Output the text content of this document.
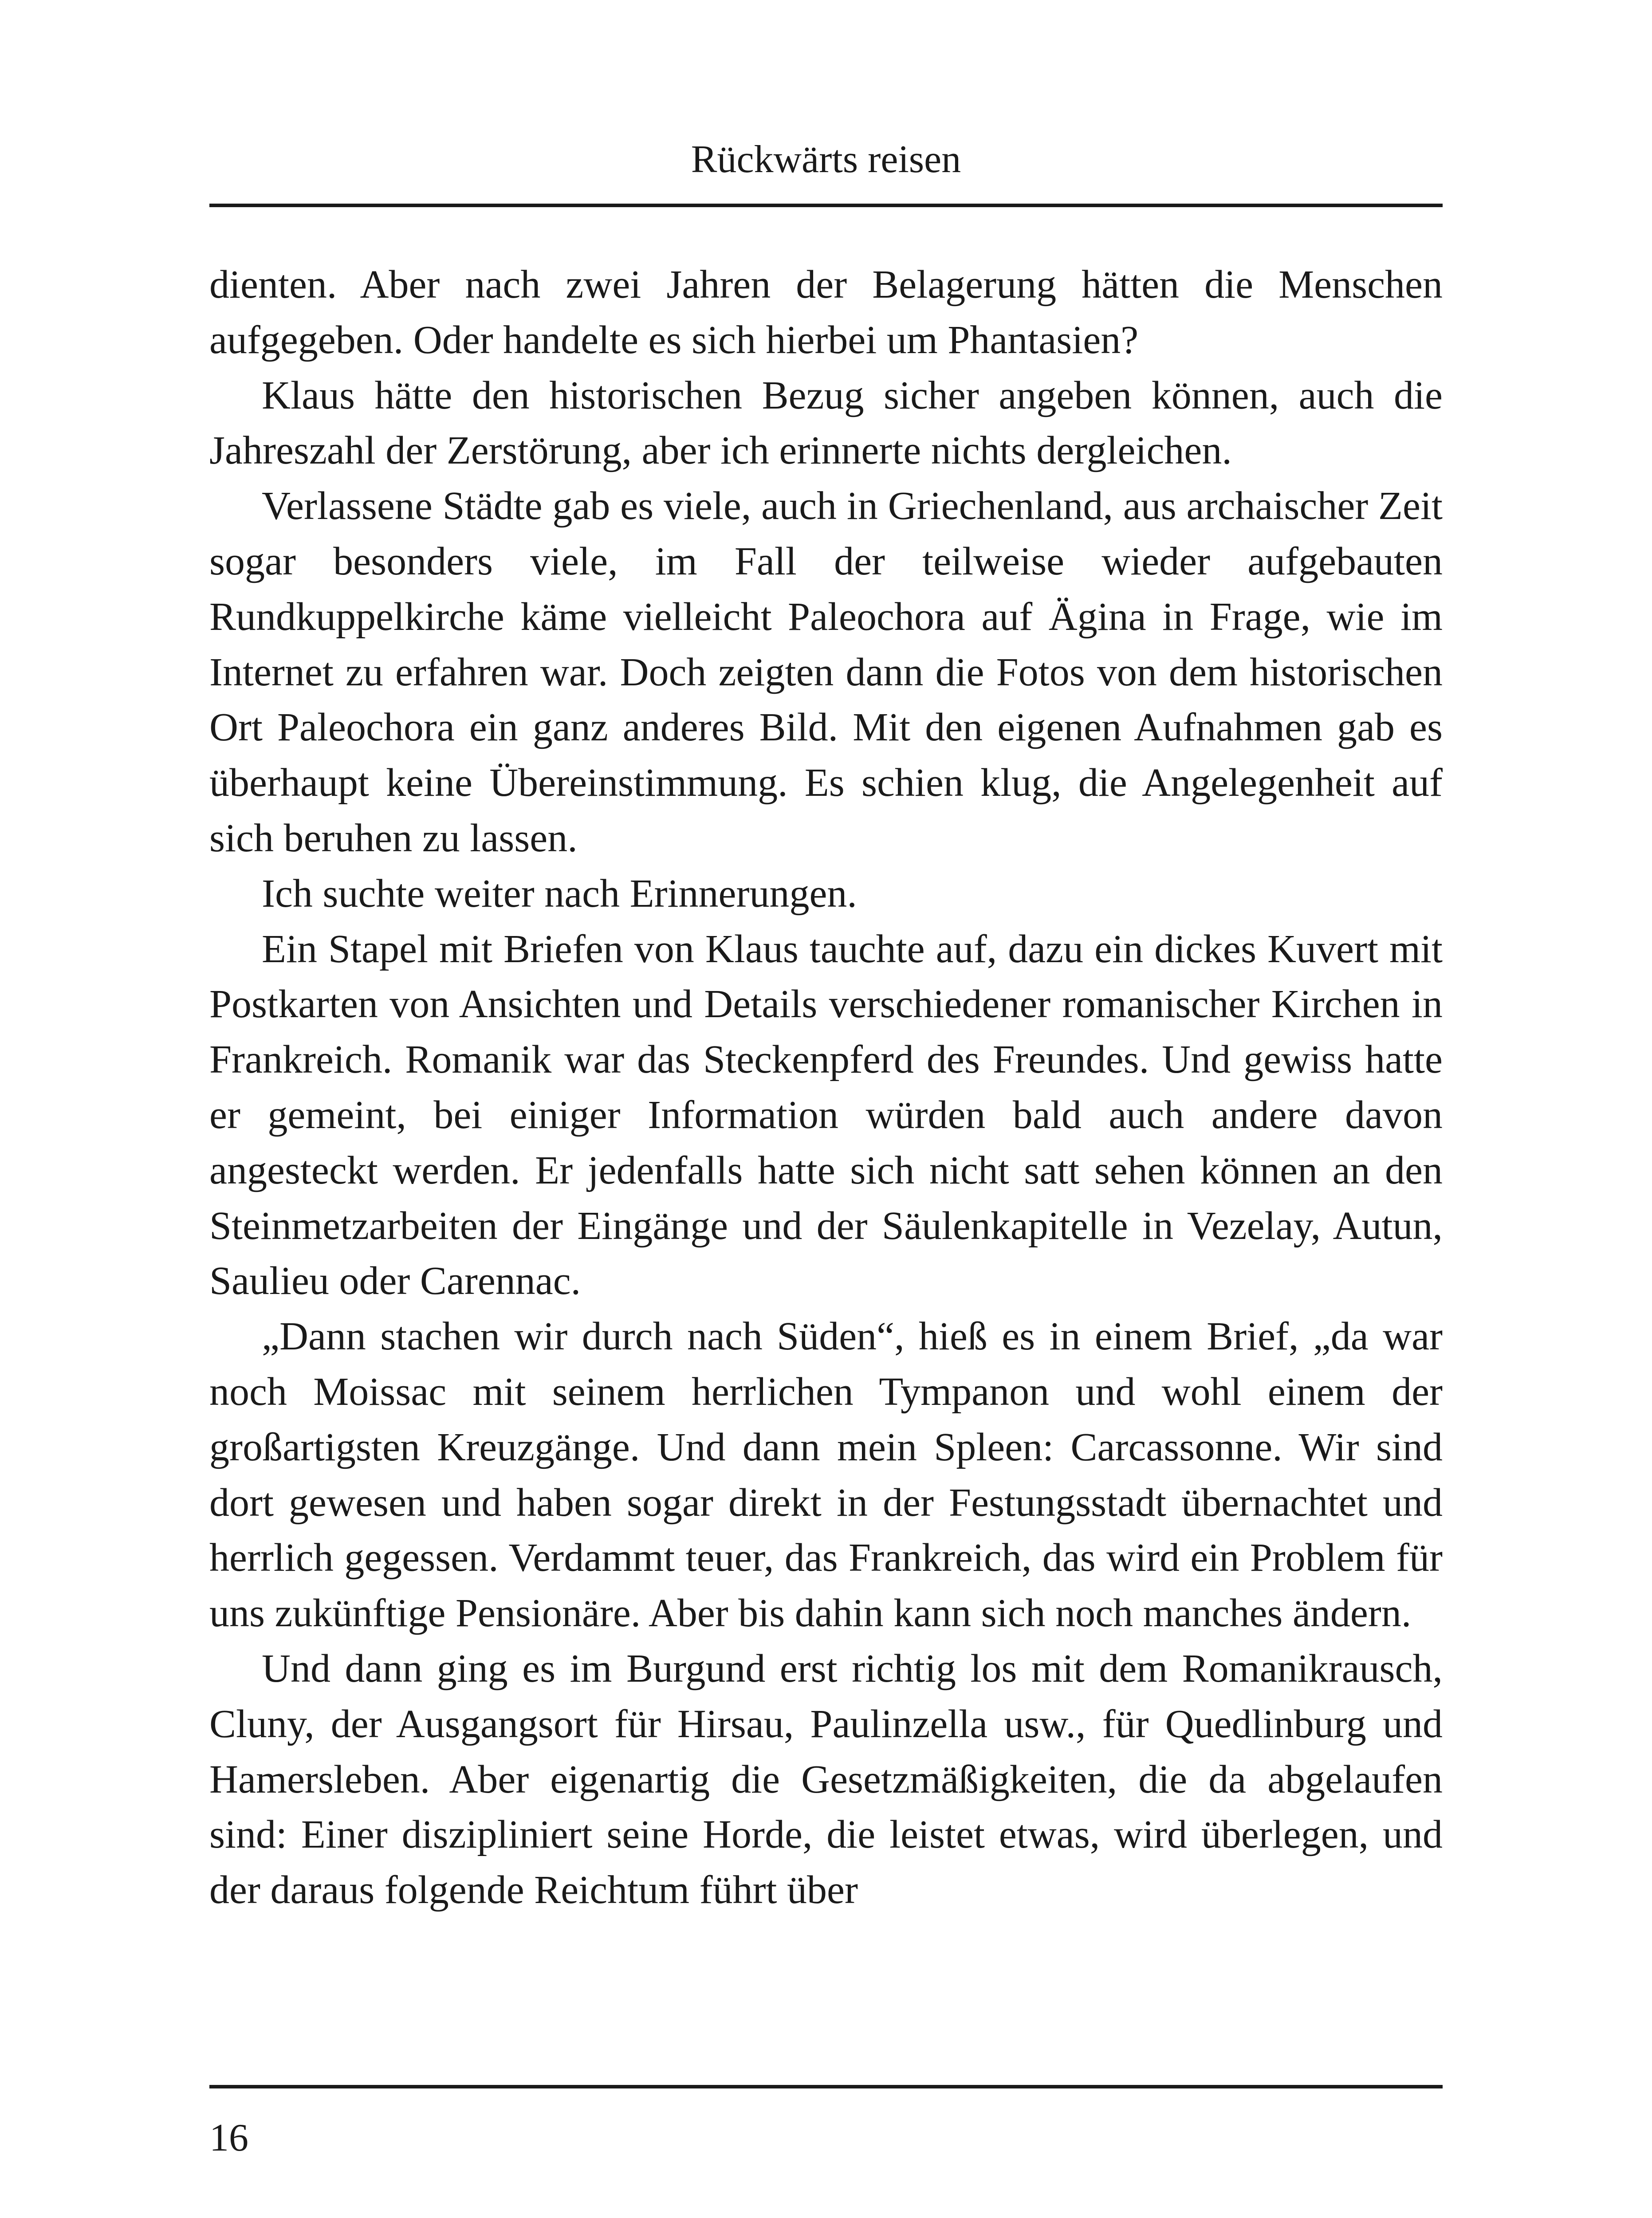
Rückwärts reisen

dienten. Aber nach zwei Jahren der Belagerung hätten die Menschen aufgegeben. Oder handelte es sich hierbei um Phantasien?

Klaus hätte den historischen Bezug sicher angeben können, auch die Jahreszahl der Zerstörung, aber ich erinnerte nichts dergleichen.

Verlassene Städte gab es viele, auch in Griechenland, aus archaischer Zeit sogar besonders viele, im Fall der teilweise wieder aufgebauten Rundkuppelkirche käme vielleicht Paleochora auf Ägina in Frage, wie im Internet zu erfahren war. Doch zeigten dann die Fotos von dem historischen Ort Paleochora ein ganz anderes Bild. Mit den eigenen Aufnahmen gab es überhaupt keine Übereinstimmung. Es schien klug, die Angelegenheit auf sich beruhen zu lassen.

Ich suchte weiter nach Erinnerungen.

Ein Stapel mit Briefen von Klaus tauchte auf, dazu ein dickes Kuvert mit Postkarten von Ansichten und Details verschiedener romanischer Kirchen in Frankreich. Romanik war das Steckenpferd des Freundes. Und gewiss hatte er gemeint, bei einiger Information würden bald auch andere davon angesteckt werden. Er jedenfalls hatte sich nicht satt sehen können an den Steinmetzarbeiten der Eingänge und der Säulenkapitelle in Vezelay, Autun, Saulieu oder Carennac.

„Dann stachen wir durch nach Süden“, hieß es in einem Brief, „da war noch Moissac mit seinem herrlichen Tympanon und wohl einem der großartigsten Kreuzgänge. Und dann mein Spleen: Carcassonne. Wir sind dort gewesen und haben sogar direkt in der Festungsstadt übernachtet und herrlich gegessen. Verdammt teuer, das Frankreich, das wird ein Problem für uns zukünftige Pensionäre. Aber bis dahin kann sich noch manches ändern.

Und dann ging es im Burgund erst richtig los mit dem Romanikrausch, Cluny, der Ausgangsort für Hirsau, Paulinzella usw., für Quedlinburg und Hamersleben. Aber eigenartig die Gesetzmäßigkeiten, die da abgelaufen sind: Einer diszipliniert seine Horde, die leistet etwas, wird überlegen, und der daraus folgende Reichtum führt über

16
